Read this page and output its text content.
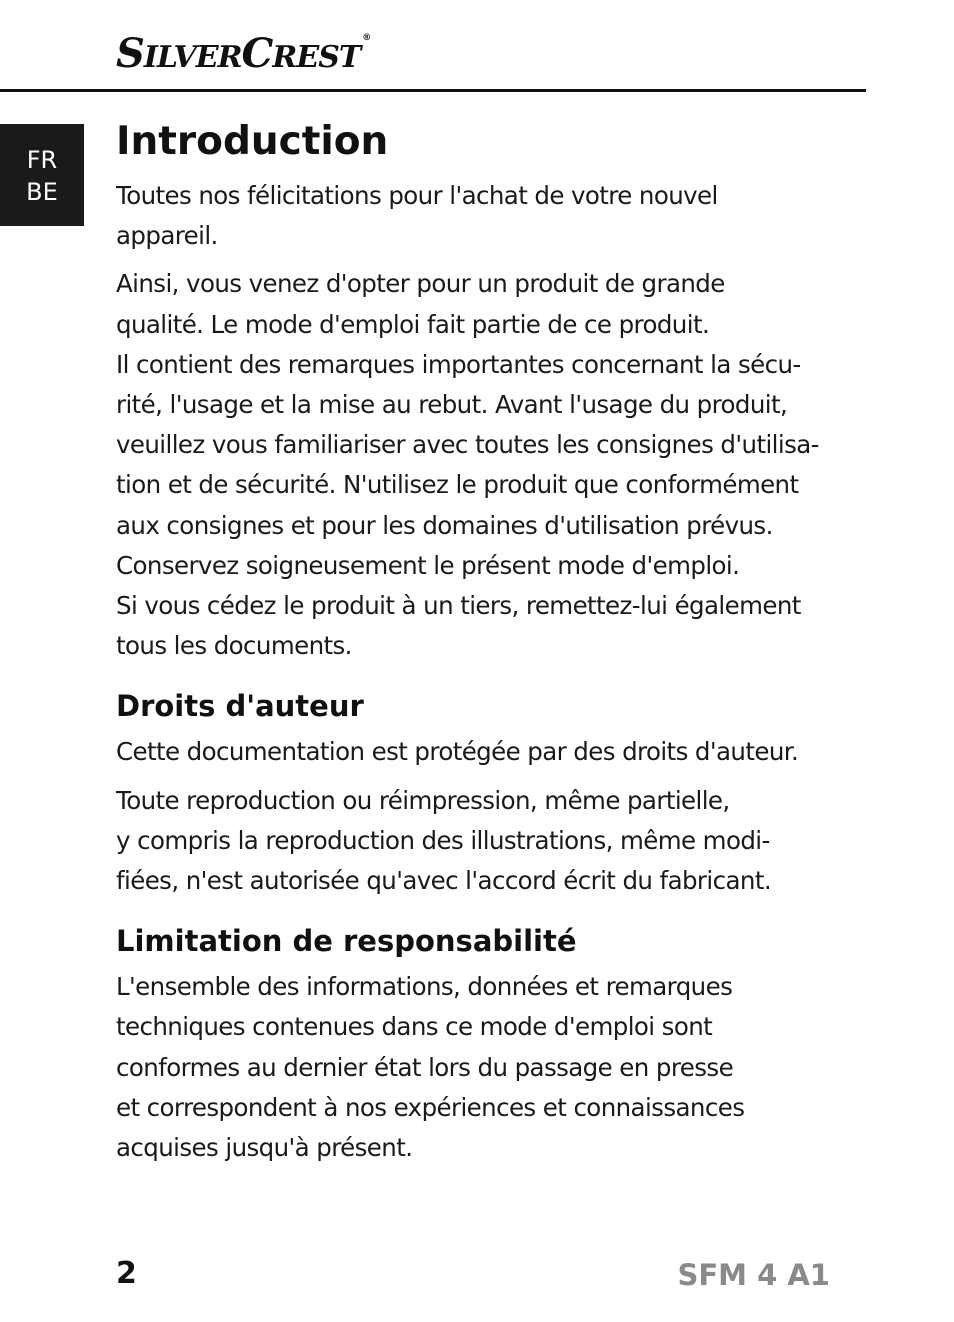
SILVERCREST®
FR
BE
Introduction

Toutes nos félicitations pour l'achat de votre nouvel
appareil.

Ainsi, vous venez d'opter pour un produit de grande
qualité. Le mode d'emploi fait partie de ce produit.
Il contient des remarques importantes concernant la sécu-
rité, l'usage et la mise au rebut. Avant l'usage du produit,
veuillez vous familiariser avec toutes les consignes d'utilisa-
tion et de sécurité. N'utilisez le produit que conformément
aux consignes et pour les domaines d'utilisation prévus.
Conservez soigneusement le présent mode d'emploi.
Si vous cédez le produit à un tiers, remettez-lui également
tous les documents.

Droits d'auteur

Cette documentation est protégée par des droits d'auteur.

Toute reproduction ou réimpression, même partielle,
y compris la reproduction des illustrations, même modi-
fiées, n'est autorisée qu'avec l'accord écrit du fabricant.

Limitation de responsabilité

L'ensemble des informations, données et remarques
techniques contenues dans ce mode d'emploi sont
conformes au dernier état lors du passage en presse
et correspondent à nos expériences et connaissances
acquises jusqu'à présent.

2	SFM 4 A1
